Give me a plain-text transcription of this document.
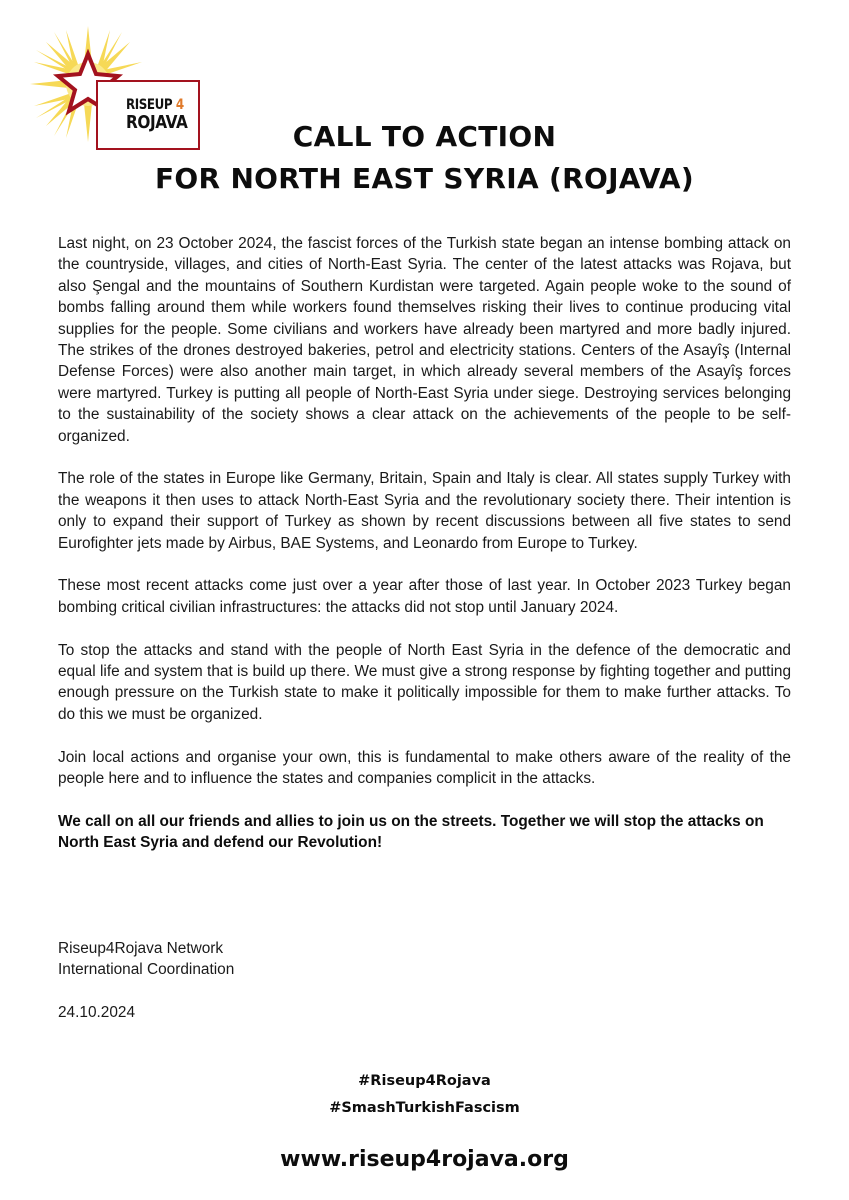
RISEUP 4
ROJAVA	CALL TO ACTION
FOR NORTH EAST SYRIA (ROJAVA)

Last night, on 23 October 2024, the fascist forces of the Turkish state began an intense bombing attack on the countryside, villages, and cities of North-East Syria. The center of the latest attacks was Rojava, but also Şengal and the mountains of Southern Kurdistan were targeted. Again people woke to the sound of bombs falling around them while workers found themselves risking their lives to continue producing vital supplies for the people. Some civilians and workers have already been martyred and more badly injured. The strikes of the drones destroyed bakeries, petrol and electricity stations. Centers of the Asayîş (Internal Defense Forces) were also another main target, in which already several members of the Asayîş forces were martyred. Turkey is putting all people of North-East Syria under siege. Destroying services belonging to the sustainability of the society shows a clear attack on the achievements of the people to be self-organized.

The role of the states in Europe like Germany, Britain, Spain and Italy is clear. All states supply Turkey with the weapons it then uses to attack North-East Syria and the revolutionary society there. Their intention is only to expand their support of Turkey as shown by recent discussions between all five states to send Eurofighter jets made by Airbus, BAE Systems, and Leonardo from Europe to Turkey.

These most recent attacks come just over a year after those of last year. In October 2023 Turkey began bombing critical civilian infrastructures: the attacks did not stop until January 2024.

To stop the attacks and stand with the people of North East Syria in the defence of the democratic and equal life and system that is build up there. We must give a strong response by fighting together and putting enough pressure on the Turkish state to make it politically impossible for them to make further attacks. To do this we must be organized.

Join local actions and organise your own, this is fundamental to make others aware of the reality of the people here and to influence the states and companies complicit in the attacks.

We call on all our friends and allies to join us on the streets. Together we will stop the attacks on North East Syria and defend our Revolution!

Riseup4Rojava Network
International Coordination
24.10.2024
#Riseup4Rojava
#SmashTurkishFascism
www.riseup4rojava.org
